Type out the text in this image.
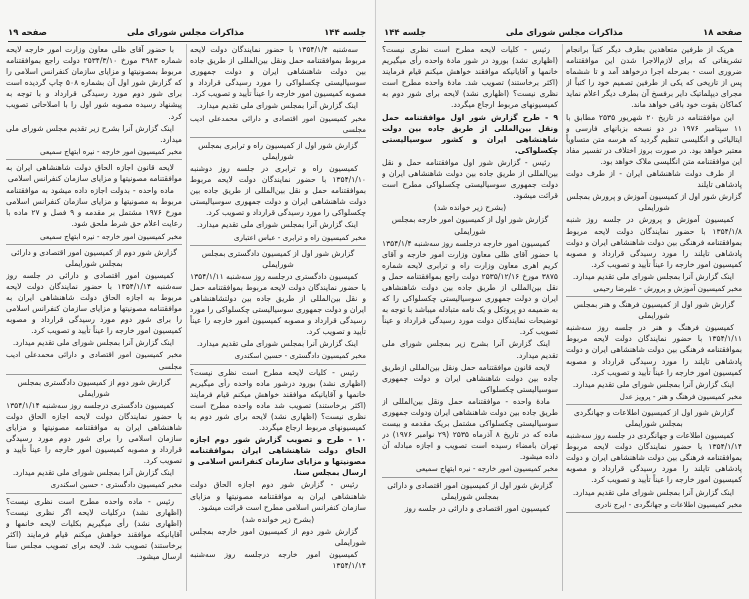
جلسه ۱۴۴
مذاکرات مجلس شورای ملی
صفحه ۱۹

سه‌شنبه ۱۳۵۴/۱/۴ با حضور نمایندگان دولت لایحه مربوط بموافقتنامه حمل ونقل بین‌المللی از طریق جاده بین دولت شاهنشاهی ایران و دولت جمهوری سوسیالیستی چکسلواکی را مورد رسیدگی قرارداد و مصوبه کمیسیون امور خارجه را عیناً تأیید و تصویب کرد.

اینک گزارش آنرا بمجلس شورای ملی تقدیم میدارد.

مخبر کمیسیون امور اقتصادی و دارائی محمدعلی ادیب مجلسی

گزارش شور اول از کمیسیون راه و ترابری بمجلس شورایملی

کمیسیون راه و ترابری در جلسه روز دوشنبه ۱۳۵۴/۱/۱۰ با حضور نمایندگان دولت لایحه مربوط بموافقتنامه حمل و نقل بین‌المللی از طریق جاده بین دولت شاهنشاهی ایران و دولت جمهوری سوسیالیستی چکسلواکی را مورد رسیدگی قرارداد و تصویب کرد.

اینک گزارش آنرا بمجلس شورای ملی تقدیم میدارد.

مخبر کمیسیون راه و ترابری - عباس اعتباری

گزارش شور اول از کمیسیون دادگستری بمجلس شورایملی

کمیسیون دادگستری درجلسه روز سه‌شنبه ۱۳۵۴/۱/۱۱ با حضور نمایندگان دولت لایحه مربوط بموافقتنامه حمل و نقل بین‌المللی از طریق جاده بین دولتشاهنشاهی ایران و دولت جمهوری سوسیالیستی چکسلواکی را مورد رسیدگی قرارداد و مصوبه کمیسیون امور خارجه را عیناً تأیید و تصویب کرد.

اینک گزارش آنرا بمجلس شورای ملی تقدیم میدارد.

مخبر کمیسیون دادگستری - حسین اسکندری

رئیس - کلیات لایحه مطرح است نظری نیست؟ (اظهاری نشد) بورود درشور ماده واحده رأی میگیریم خانمها و آقایانیکه موافقند خواهش میکنم قیام فرمایند (اکثر برخاستند) تصویب شد ماده واحده مطرح است نظری نیست؟ (اظهاری نشد) لایحه برای شور دوم به کمیسیونهای مربوط ارجاع میگردد.

۱۰ - طرح و تصویب گزارش شور دوم اجازه الحاق دولت شاهنشاهی ایران بموافقتنامه مصونیتها و مزایای سازمان کنفرانس اسلامی و ارسال بمجلس سنا.

رئیس - گزارش شور دوم اجازه الحاق دولت شاهنشاهی ایران به موافقتنامه مصونیتها و مزایای سازمان کنفرانس اسلامی مطرح است قرائت میشود.

(بشرح زیر خوانده شد)

گزارش شور دوم از کمیسیون امور خارجه بمجلس شورایملی

کمیسیون امور خارجه درجلسه روز سه‌شنبه ۱۳۵۴/۱/۱۴

با حضور آقای ظلی معاون وزارت امور خارجه لایحه شماره ۳۹۸۳ مورخ ۲۵۳۴/۳/۱۰ دولت راجع بموافقتنامه مربوط بمصونیتها و مزایای سازمان کنفرانس اسلامی را که گزارش شور اول آن بشماره ۵۰۸ چاپ گردیده است برای شور دوم مورد رسیدگی قرارداد و با توجه به پیشنهاد رسیده مصوبه شور اول را با اصلاحاتی تصویب کرد.

اینک گزارش آنرا بشرح زیر تقدیم مجلس شورای ملی میدارد.

مخبر کمیسیون امور خارجه - نیره ابتهاج سمیعی

لایحه قانون اجازه الحاق دولت شاهنشاهی ایران به موافقتنامه مصونیتها و مزایای سازمان کنفرانس اسلامی

ماده واحده - بدولت اجازه داده میشود به موافقتنامه مربوط به مصونیتها و مزایای سازمان کنفرانس اسلامی مورخ ۱۹۷۶ مشتمل بر مقدمه و ۹ فصل و ۲۷ ماده با رعایت اعلام حق شرط ملحق شود.

مخبر کمیسیون امور خارجه - نیره ابتهاج سمیعی

گزارش شور دوم از کمیسیون امور اقتصادی و دارائی بمجلس شورایملی

کمیسیون امور اقتصادی و دارائی در جلسه روز سه‌شنبه ۱۳۵۴/۱/۱۴ با حضور نمایندگان دولت لایحه مربوط به اجازه الحاق دولت شاهنشاهی ایران به موافقتنامه مصونیتها و مزایای سازمان کنفرانس اسلامی را برای شور دوم مورد رسیدگی قرارداد و مصوبه کمیسیون امور خارجه را عیناً تأیید و تصویب کرد.

اینک گزارش آنرا بمجلس شورای ملی تقدیم میدارد.

مخبر کمیسیون امور اقتصادی و دارائی محمدعلی ادیب مجلسی

گزارش شور دوم از کمیسیون دادگستری بمجلس شورایملی

کمیسیون دادگستری درجلسه روز سه‌شنبه ۱۳۵۴/۱/۱۴ با حضور نمایندگان دولت لایحه اجازه الحاق دولت شاهنشاهی ایران به موافقتنامه مصونیتها و مزایای سازمان اسلامی را برای شور دوم مورد رسیدگی قرارداد و مصوبه کمیسیون امور خارجه را عیناً تأیید و تصویب کرد.

اینک گزارش آنرا بمجلس شورای ملی تقدیم میدارد.

مخبر کمیسیون دادگستری - حسین اسکندری

رئیس - ماده واحده مطرح است نظری نیست؟ (اظهاری نشد) درکلیات لایحه اگر نظری نیست؟ (اظهاری نشد) رأی میگیریم بکلیات لایحه خانمها و آقایانیکه موافقند خواهش میکنم قیام فرمایند (اکثر برخاستند) تصویب شد. لایحه برای تصویب مجلس سنا ارسال میشود.

صفحه ۱۸
مذاکرات مجلس شورای ملی
جلسه ۱۴۴

هریک از طرفین متعاهدین بطرف دیگر کتباً برانجام تشریفاتی که برای لازم‌الاجرا شدن این موافقتنامه ضروری است - بمرحله اجرا درخواهد آمد و تا ششماه پس از تاریخی که یکی از طرفین تصمیم خود را کتباً از مجرای دیپلماتیک دایر برفسخ آن بطرف دیگر اعلام نماید کماکان بقوت خود باقی خواهد ماند.

این موافقتنامه در تاریخ ۲۰ شهریور ۲۵۳۵ مطابق با ۱۱ سپتامبر ۱۹۷۶ در دو نسخه بزبانهای فارسی و ایتالیائی و انگلیسی تنظیم گردید که هرسه متن متساویاً معتبر خواهد بود. در صورت بروز اختلاف در تفسیر مفاد این موافقتنامه متن انگلیسی ملاک خواهد بود.

از طرف دولت شاهنشاهی ایران - از طرف دولت پادشاهی تایلند

گزارش شور اول از کمیسیون آموزش و پرورش بمجلس شورایملی

کمیسیون آموزش و پرورش در جلسه روز شنبه ۱۳۵۴/۱/۸ با حضور نمایندگان دولت لایحه مربوط بموافقتنامه فرهنگی بین دولت شاهنشاهی ایران و دولت پادشاهی تایلند را مورد رسیدگی قرارداد و مصوبه کمیسیون امور خارجه را عیناً تأیید و تصویب کرد.

اینک گزارش آنرا بمجلس شورای ملی تقدیم میدارد.

مخبر کمیسیون آموزش و پرورش - علیرضا رحیمی

گزارش شور اول از کمیسیون فرهنگ و هنر بمجلس شورایملی

کمیسیون فرهنگ و هنر در جلسه روز سه‌شنبه ۱۳۵۴/۱/۱۱ با حضور نمایندگان دولت لایحه مربوط بموافقتنامه فرهنگی بین دولت شاهنشاهی ایران و دولت پادشاهی تایلند را مورد رسیدگی قرارداد و مصوبه کمیسیون امور خارجه را عیناً تأیید و تصویب کرد.

اینک گزارش آنرا بمجلس شورای ملی تقدیم میدارد.

مخبر کمیسیون فرهنگ و هنر - پرویز عدل

گزارش شور اول از کمیسیون اطلاعات و جهانگردی بمجلس شورایملی

کمیسیون اطلاعات و جهانگردی در جلسه روز سه‌شنبه ۱۳۵۴/۱/۱۴ با حضور نمایندگان دولت لایحه مربوط بموافقتنامه فرهنگی بین دولت شاهنشاهی ایران و دولت پادشاهی تایلند را مورد رسیدگی قرارداد و مصوبه کمیسیون امور خارجه را عیناً تأیید و تصویب کرد.

اینک گزارش آنرا بمجلس شورای ملی تقدیم میدارد.

مخبر کمیسیون اطلاعات و جهانگردی - ایرج نادری

رئیس - کلیات لایحه مطرح است نظری نیست؟ (اظهاری نشد) بورود در شور مادهٔ واحده رأی میگیریم خانمها و آقایانیکه موافقند خواهش میکنم قیام فرمایند (اکثر برخاستند) تصویب شد. مادهٔ واحده مطرح است نظری نیست؟ (اظهاری نشد) لایحه برای شور دوم به کمیسیونهای مربوط ارجاع میگردد.

۹ - طرح گزارش شور اول موافقتنامه حمل ونقل بین‌المللی از طریق جاده بین دولت شاهنشاهی ایران و کشور سوسیالیستی چکسلواکی.

رئیس - گزارش شور اول موافقتنامه حمل و نقل بین‌المللی از طریق جاده بین دولت شاهنشاهی ایران و دولت جمهوری سوسیالیستی چکسلواکی مطرح است قرائت میشود.

(بشرح زیر خوانده شد)

گزارش شور اول از کمیسیون امور خارجه بمجلس شورایملی

کمیسیون امور خارجه درجلسه روز سه‌شنبه ۱۳۵۴/۱/۴ با حضور آقای ظلی معاون وزارت امور خارجه و آقای کریم اهری معاون وزارت راه و ترابری لایحه شماره ۳۸۷۵ مورخ ۲۵۳۵/۱۲/۱۶ دولت راجع بموافقتنامه حمل و نقل بین‌المللی از طریق جاده بین دولت شاهنشاهی ایران و دولت جمهوری سوسیالیستی چکسلواکی را که به ضمیمه دو پروتکل و یک نامه متبادله میباشد با توجه به توضیحات نمایندگان دولت مورد رسیدگی قرارداد و عیناً تصویب کرد.

اینک گزارش آنرا بشرح زیر بمجلس شورای ملی تقدیم میدارد.

لایحه قانون موافقتنامه حمل ونقل بین‌المللی ازطریق جاده بین دولت شاهنشاهی ایران و دولت جمهوری سوسیالیستی چکسلواکی

مادهٔ واحده - موافقتنامه حمل ونقل بین‌المللی از طریق جاده بین دولت شاهنشاهی ایران ودولت جمهوری سوسیالیستی چکسلواکی مشتمل بریک مقدمه و بیست ماده که در تاریخ ۸ آذرماه ۲۵۳۵ (۲۹ نوامبر ۱۹۷۶) در تهران بامضاء رسیده است تصویب و اجازه مبادله آن داده میشود.

مخبر کمیسیون امور خارجه - نیره ابتهاج سمیعی

گزارش شور اول از کمیسیون امور اقتصادی و دارائی بمجلس شورایملی

کمیسیون امور اقتصادی و دارائی در جلسه روز
